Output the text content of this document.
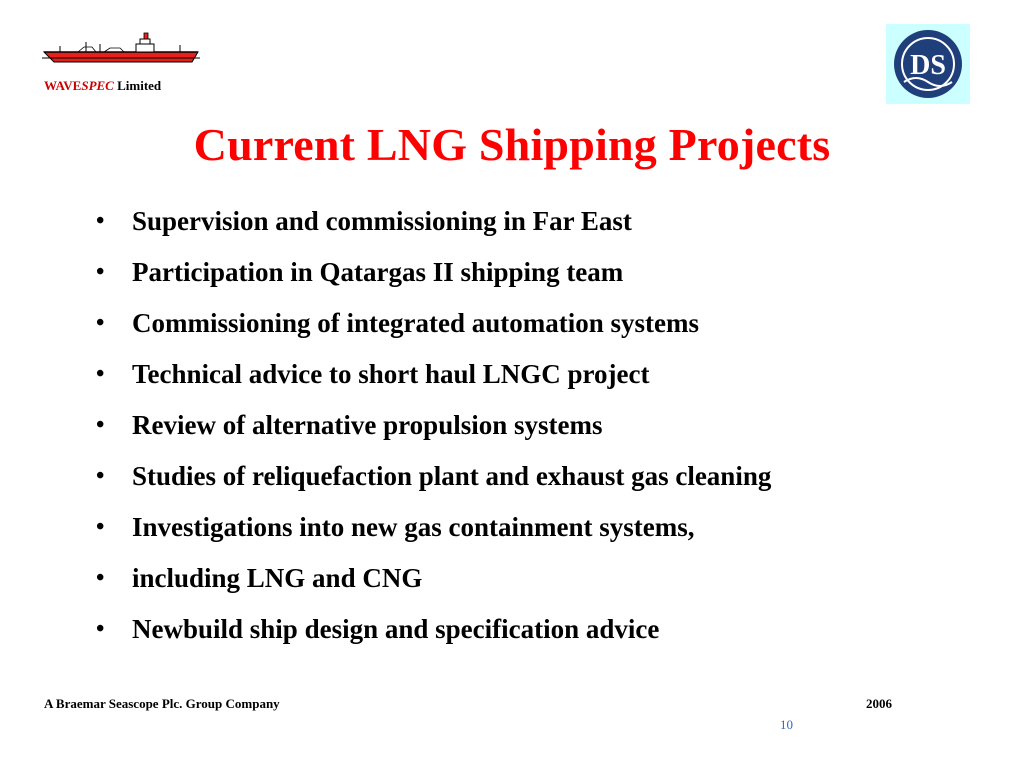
WAVESPEC Limited
DS
Current LNG Shipping Projects
•	Supervision and commissioning in Far East
•	Participation in Qatargas II shipping team
•	Commissioning of integrated automation systems
•	Technical advice to short haul LNGC project
•	Review of alternative propulsion systems
•	Studies of reliquefaction plant and exhaust gas cleaning
•	Investigations into new gas containment systems,
•	including LNG and CNG
•	Newbuild ship design and specification advice
A Braemar Seascope Plc. Group Company	2006
10
